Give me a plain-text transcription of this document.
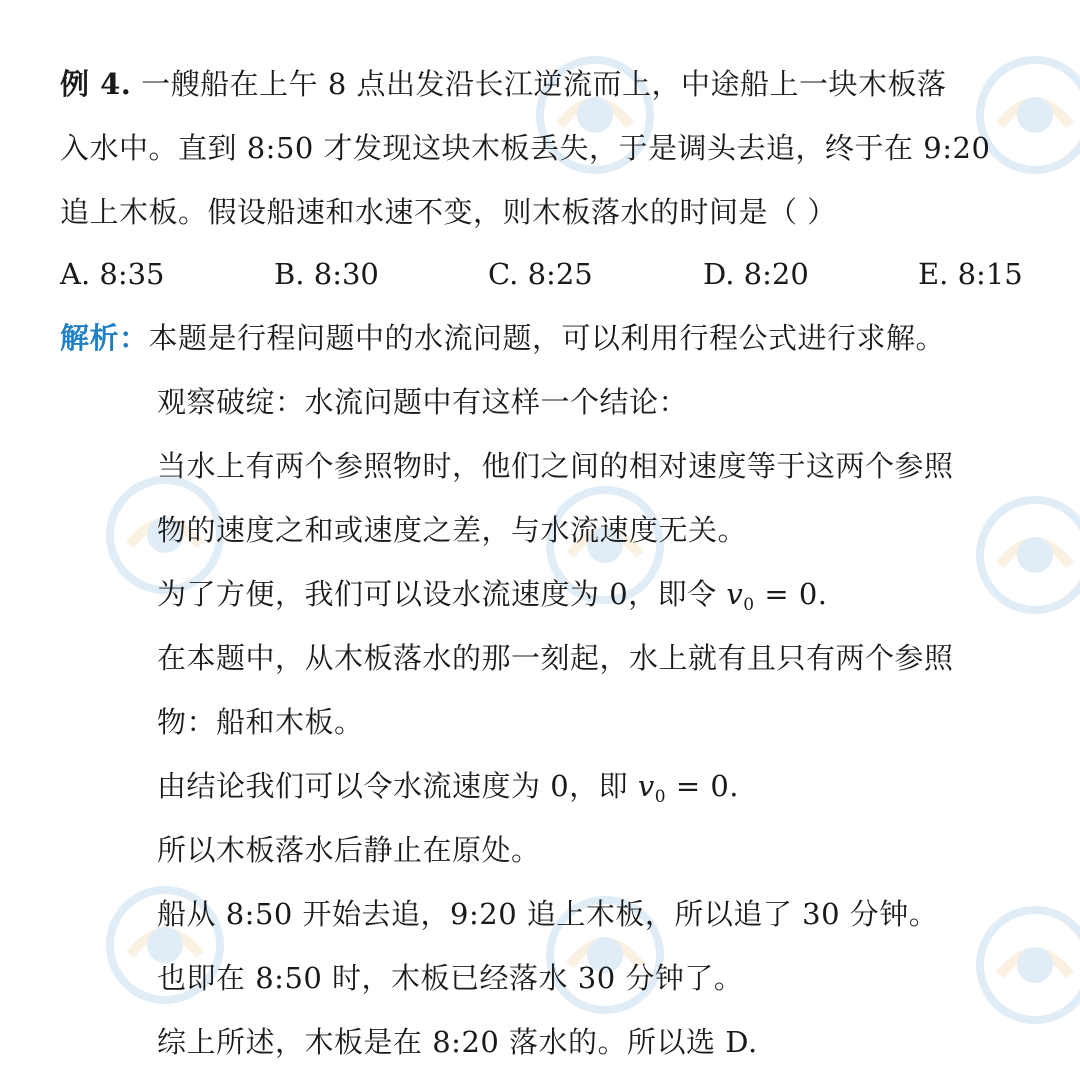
例 4. 一艘船在上午 8 点出发沿长江逆流而上，中途船上一块木板落
入水中。直到 8:50 才发现这块木板丢失，于是调头去追，终于在 9:20
追上木板。假设船速和水速不变，则木板落水的时间是（ ）
A. 8:35	B. 8:30	C. 8:25	D. 8:20	E. 8:15
解析：本题是行程问题中的水流问题，可以利用行程公式进行求解。
观察破绽：水流问题中有这样一个结论：
当水上有两个参照物时，他们之间的相对速度等于这两个参照
物的速度之和或速度之差，与水流速度无关。
为了方便，我们可以设水流速度为 0，即令 $v_0 = 0$.
在本题中，从木板落水的那一刻起，水上就有且只有两个参照
物：船和木板。
由结论我们可以令水流速度为 0，即 $v_0 = 0$.
所以木板落水后静止在原处。
船从 8:50 开始去追，9:20 追上木板，所以追了 30 分钟。
也即在 8:50 时，木板已经落水 30 分钟了。
综上所述，木板是在 8:20 落水的。所以选 D.
